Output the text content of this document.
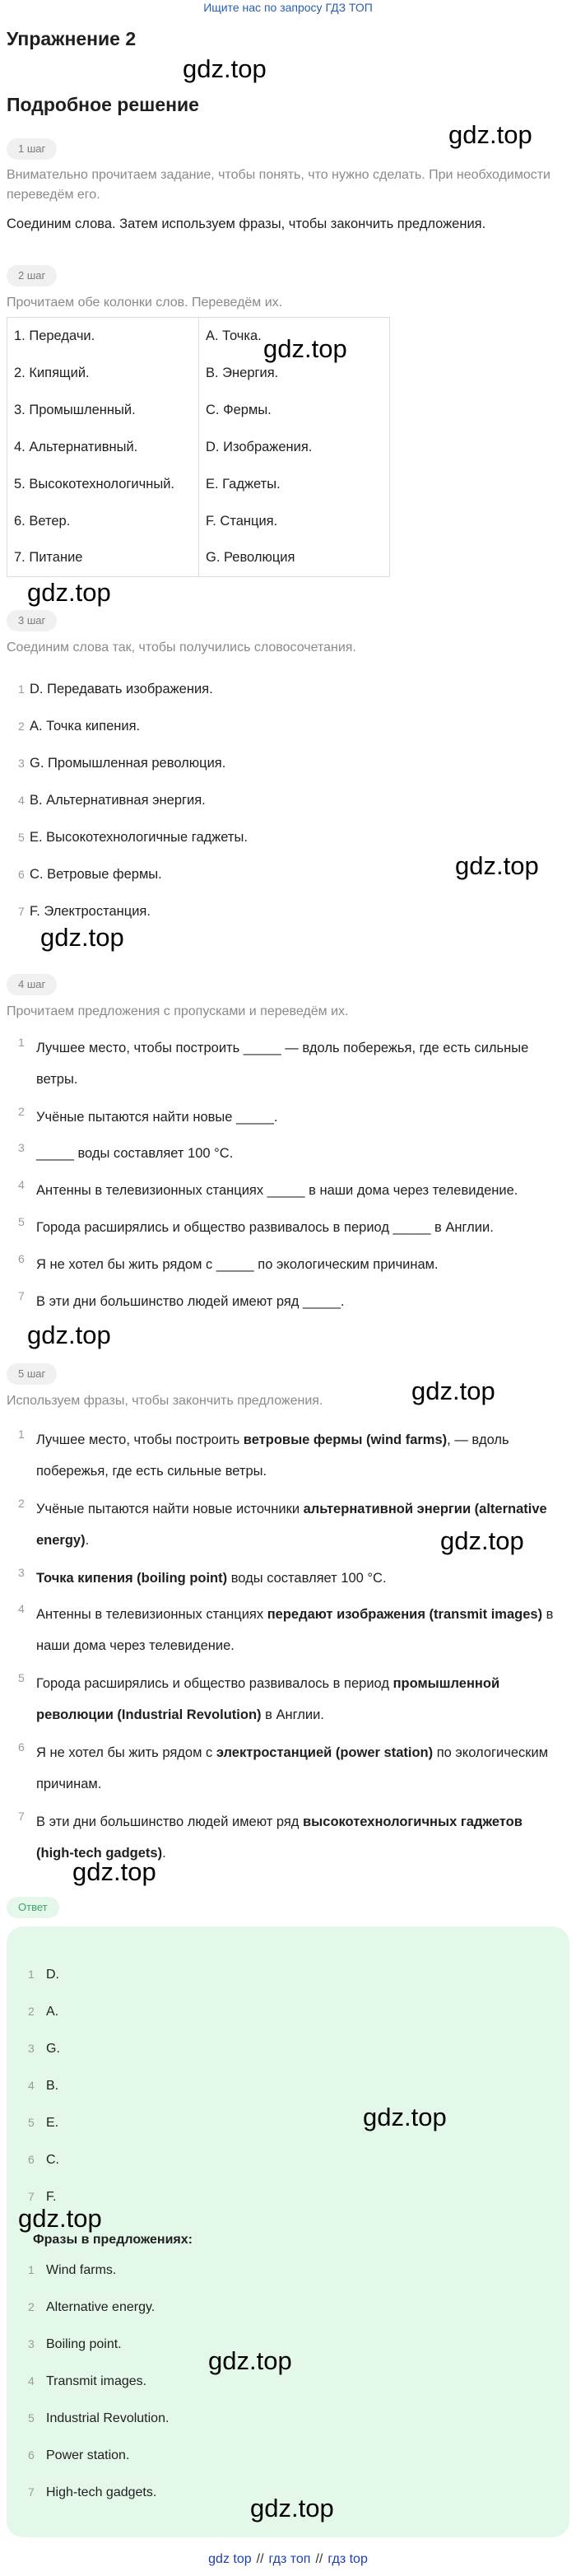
Ищите нас по запросу ГДЗ ТОП
Упражнение 2
Подробное решение
gdz.top
gdz.top
gdz.top
gdz.top
gdz.top
gdz.top
gdz.top
gdz.top
gdz.top
gdz.top
gdz.top
gdz.top
gdz.top
gdz.top
1 шаг
Внимательно прочитаем задание, чтобы понять, что нужно сделать. При необходимости переведём его.
Соединим слова. Затем используем фразы, чтобы закончить предложения.
2 шаг
Прочитаем обе колонки слов. Переведём их.
1. Передачи.	A. Точка.
2. Кипящий.	B. Энергия.
3. Промышленный.	C. Фермы.
4. Альтернативный.	D. Изображения.
5. Высокотехнологичный.	E. Гаджеты.
6. Ветер.	F. Станция.
7. Питание	G. Революция
3 шаг
Соединим слова так, чтобы получились словосочетания.
1 D. Передавать изображения.
2 A. Точка кипения.
3 G. Промышленная революция.
4 B. Альтернативная энергия.
5 E. Высокотехнологичные гаджеты.
6 C. Ветровые фермы.
7 F. Электростанция.
4 шаг
Прочитаем предложения с пропусками и переведём их.
1 Лучшее место, чтобы построить _____ — вдоль побережья, где есть сильные ветры.
2 Учёные пытаются найти новые _____.
3 _____ воды составляет 100 °C.
4 Антенны в телевизионных станциях _____ в наши дома через телевидение.
5 Города расширялись и общество развивалось в период _____ в Англии.
6 Я не хотел бы жить рядом с _____ по экологическим причинам.
7 В эти дни большинство людей имеют ряд _____.
5 шаг
Используем фразы, чтобы закончить предложения.
1 Лучшее место, чтобы построить ветровые фермы (wind farms), — вдоль побережья, где есть сильные ветры.
2 Учёные пытаются найти новые источники альтернативной энергии (alternative energy).
3 Точка кипения (boiling point) воды составляет 100 °C.
4 Антенны в телевизионных станциях передают изображения (transmit images) в наши дома через телевидение.
5 Города расширялись и общество развивалось в период промышленной революции (Industrial Revolution) в Англии.
6 Я не хотел бы жить рядом с электростанцией (power station) по экологическим причинам.
7 В эти дни большинство людей имеют ряд высокотехнологичных гаджетов (high-tech gadgets).
Ответ
1 D.
2 A.
3 G.
4 B.
5 E.
6 C.
7 F.
Фразы в предложениях:
1 Wind farms.
2 Alternative energy.
3 Boiling point.
4 Transmit images.
5 Industrial Revolution.
6 Power station.
7 High-tech gadgets.
gdz top // гдз топ // гдз top
